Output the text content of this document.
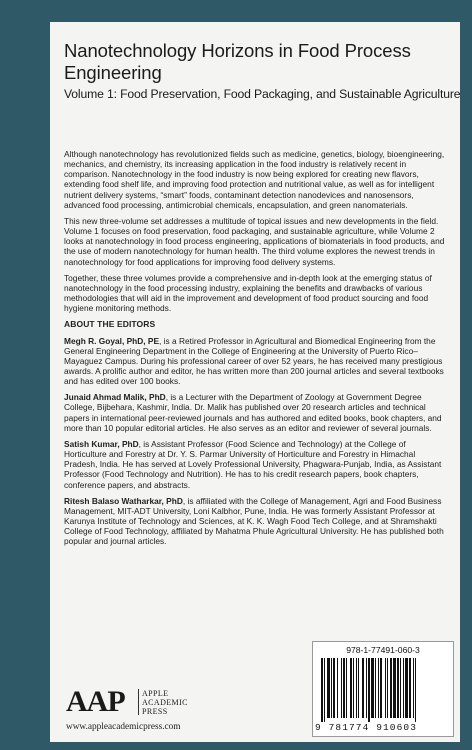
Nanotechnology Horizons in Food Process Engineering
Volume 1: Food Preservation, Food Packaging, and Sustainable Agriculture

Although nanotechnology has revolutionized fields such as medicine, genetics, biology, bioengineering, mechanics, and chemistry, its increasing application in the food industry is relatively recent in comparison. Nanotechnology in the food industry is now being explored for creating new flavors, extending food shelf life, and improving food protection and nutritional value, as well as for intelligent nutrient delivery systems, “smart” foods, contaminant detection nanodevices and nanosensors, advanced food processing, antimicrobial chemicals, encapsulation, and green nanomaterials.

This new three-volume set addresses a multitude of topical issues and new developments in the field. Volume 1 focuses on food preservation, food packaging, and sustainable agriculture, while Volume 2 looks at nanotechnology in food process engineering, applications of biomaterials in food products, and the use of modern nanotechnology for human health. The third volume explores the newest trends in nanotechnology for food applications for improving food delivery systems.

Together, these three volumes provide a comprehensive and in-depth look at the emerging status of nanotechnology in the food processing industry, explaining the benefits and drawbacks of various methodologies that will aid in the improvement and development of food product sourcing and food hygiene monitoring methods.

ABOUT THE EDITORS

Megh R. Goyal, PhD, PE, is a Retired Professor in Agricultural and Biomedical Engineering from the General Engineering Department in the College of Engineering at the University of Puerto Rico–Mayaguez Campus. During his professional career of over 52 years, he has received many prestigious awards. A prolific author and editor, he has written more than 200 journal articles and several textbooks and has edited over 100 books.

Junaid Ahmad Malik, PhD, is a Lecturer with the Department of Zoology at Government Degree College, Bijbehara, Kashmir, India. Dr. Malik has published over 20 research articles and technical papers in international peer-reviewed journals and has authored and edited books, book chapters, and more than 10 popular editorial articles. He also serves as an editor and reviewer of several journals.

Satish Kumar, PhD, is Assistant Professor (Food Science and Technology) at the College of Horticulture and Forestry at Dr. Y. S. Parmar University of Horticulture and Forestry in Himachal Pradesh, India. He has served at Lovely Professional University, Phagwara-Punjab, India, as Assistant Professor (Food Technology and Nutrition). He has to his credit research papers, book chapters, conference papers, and abstracts.

Ritesh Balaso Watharkar, PhD, is affiliated with the College of Management, Agri and Food Business Management, MIT-ADT University, Loni Kalbhor, Pune, India. He was formerly Assistant Professor at Karunya Institute of Technology and Sciences, at K. K. Wagh Food Tech College, and at Shramshakti College of Food Technology, affiliated by Mahatma Phule Agricultural University. He has published both popular and journal articles.

AAP APPLE
ACADEMIC
PRESS
www.appleacademicpress.com
978-1-77491-060-3
9 781774 910603
